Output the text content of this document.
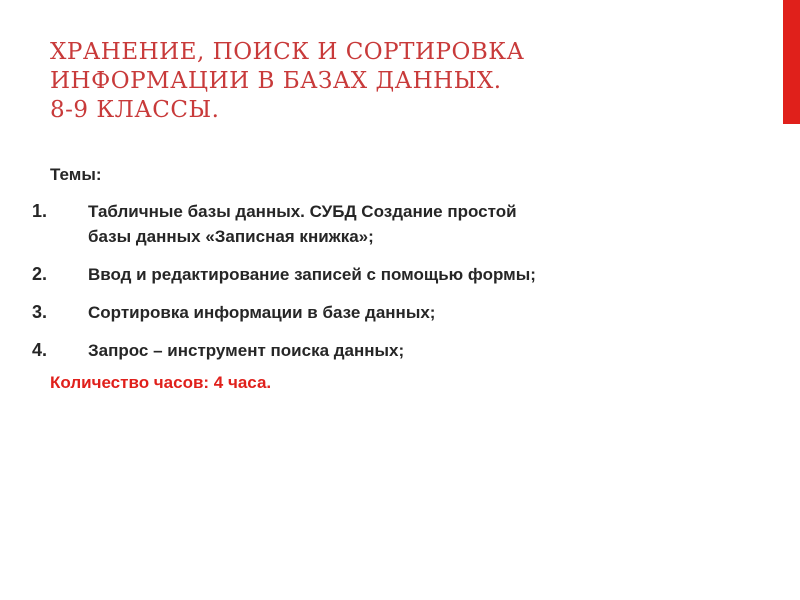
ХРАНЕНИЕ, ПОИСК И СОРТИРОВКА
ИНФОРМАЦИИ В БАЗАХ ДАННЫХ.
8-9 КЛАССЫ.

Темы:

1.	Табличные базы данных. СУБД Создание простой
базы данных «Записная книжка»;
2.	Ввод и редактирование записей с помощью формы;
3.	Сортировка информации в базе данных;
4.	Запрос – инструмент поиска данных;

Количество часов: 4 часа.
